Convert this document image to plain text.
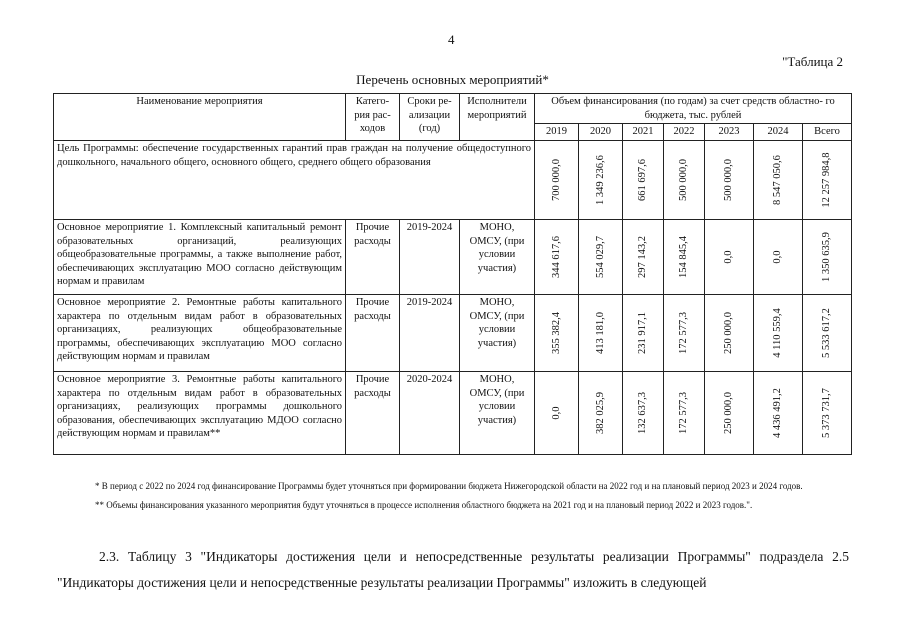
4
"Таблица 2
Перечень основных мероприятий*
Наименование мероприятия	Катего- рия рас- ходов	Сроки ре- ализации (год)	Исполнители мероприятий	Объем финансирования (по годам) за счет средств областно- го бюджета, тыс. рублей						
				2019	2020	2021	2022	2023	2024	Всего
Цель Программы: обеспечение государственных гарантий прав граждан на получение общедоступного дошкольного, начального общего, основного общего, среднего общего образования				700 000,0	1 349 236,6	661 697,6	500 000,0	500 000,0	8 547 050,6	12 257 984,8

Основное мероприятие 1. Комплексный капитальный ремонт образовательных организаций, реализующих общеобразовательные программы, а также выполнение работ, обеспечивающих эксплуатацию МОО согласно действующим нормам и правилам	Прочие расходы	2019-2024	МОНО, ОМСУ, (при условии участия)	344 617,6	554 029,7	297 143,2	154 845,4	0,0	0,0	1 350 635,9

Основное мероприятие 2. Ремонтные работы капитального характера по отдельным видам работ в образовательных организациях, реализующих общеобразовательные программы, обеспечивающих эксплуатацию МОО согласно действующим нормам и правилам	Прочие расходы	2019-2024	МОНО, ОМСУ, (при условии участия)	355 382,4	413 181,0	231 917,1	172 577,3	250 000,0	4 110 559,4	5 533 617,2

Основное мероприятие 3. Ремонтные работы капитального характера по отдельным видам работ в образовательных организациях, реализующих программы дошкольного образования, обеспечивающих эксплуатацию МДОО согласно действующим нормам и правилам**	Прочие расходы	2020-2024	МОНО, ОМСУ, (при условии участия)	0,0	382 025,9	132 637,3	172 577,3	250 000,0	4 436 491,2	5 373 731,7

* В период с 2022 по 2024 год финансирование Программы будет уточняться при формировании бюджета Нижегородской области на 2022 год и на плановый период 2023 и 2024 годов.

** Объемы финансирования указанного мероприятия будут уточняться в процессе исполнения областного бюджета на 2021 год и на плановый период 2022 и 2023 годов.".

2.3. Таблицу 3 "Индикаторы достижения цели и непосредственные результаты реализации Программы" подраздела 2.5 "Индикаторы достижения цели и непосредственные результаты реализации Программы" изложить в следующей
